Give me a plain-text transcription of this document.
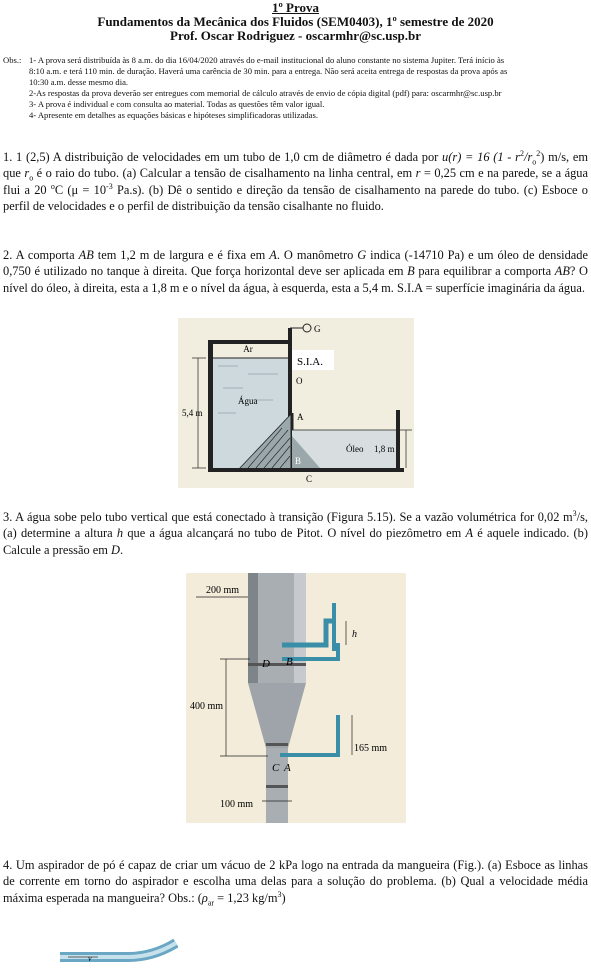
1º Prova
Fundamentos da Mecânica dos Fluidos (SEM0403), 1º semestre de 2020
Prof. Oscar Rodriguez - oscarmhr@sc.usp.br
Obs.: 1- A prova será distribuída às 8 a.m. do dia 16/04/2020 através do e-mail institucional do aluno constante no sistema Jupiter. Terá início às
8:10 a.m. e terá 110 min. de duração. Haverá uma carência de 30 min. para a entrega. Não será aceita entrega de respostas da prova após as
10:30 a.m. desse mesmo dia.
2-As respostas da prova deverão ser entregues com memorial de cálculo através de envio de cópia digital (pdf) para: oscarmhr@sc.usp.br
3- A prova é individual e com consulta ao material. Todas as questões têm valor igual.
4- Apresente em detalhes as equações básicas e hipóteses simplificadoras utilizadas.
1. 1 (2,5) A distribuição de velocidades em um tubo de 1,0 cm de diâmetro é dada por u(r) = 16 $(1 - r^2/r_o^2)$ m/s, em que $r_o$ é o raio do tubo. (a) Calcular a tensão de cisalhamento na linha central, em r = 0,25 cm e na parede, se a água flui a 20 $^o$C ($\mu = 10^{-3}$ Pa.s). (b) Dê o sentido e direção da tensão de cisalhamento na parede do tubo. (c) Esboce o perfil de velocidades e o perfil de distribuição da tensão cisalhante no fluido.
2. A comporta AB tem 1,2 m de largura e é fixa em A. O manômetro G indica (-14710 Pa) e um óleo de densidade 0,750 é utilizado no tanque à direita. Que força horizontal deve ser aplicada em B para equilibrar a comporta AB? O nível do óleo, à direita, esta a 1,8 m e o nível da água, à esquerda, esta a 5,4 m. S.I.A = superfície imaginária da água.
Ar
G
S.I.A.
O
Água
A
B
C
Óleo
5,4 m
1,8 m
3. A água sobe pelo tubo vertical que está conectado à transição (Figura 5.15). Se a vazão volumétrica for 0,02 $m^3/s$, (a) determine a altura h que a água alcançará no tubo de Pitot. O nível do piezômetro em A é aquele indicado. (b) Calcule a pressão em D.
200 mm
400 mm
165 mm
100 mm
h
D B
C A
4. Um aspirador de pó é capaz de criar um vácuo de 2 kPa logo na entrada da mangueira (Fig.). (a) Esboce as linhas de corrente em torno do aspirador e escolha uma delas para a solução do problema. (b) Qual a velocidade média máxima esperada na mangueira? Obs.: ($\rho_{ar} = 1,23$ $kg/m^3$)
v
